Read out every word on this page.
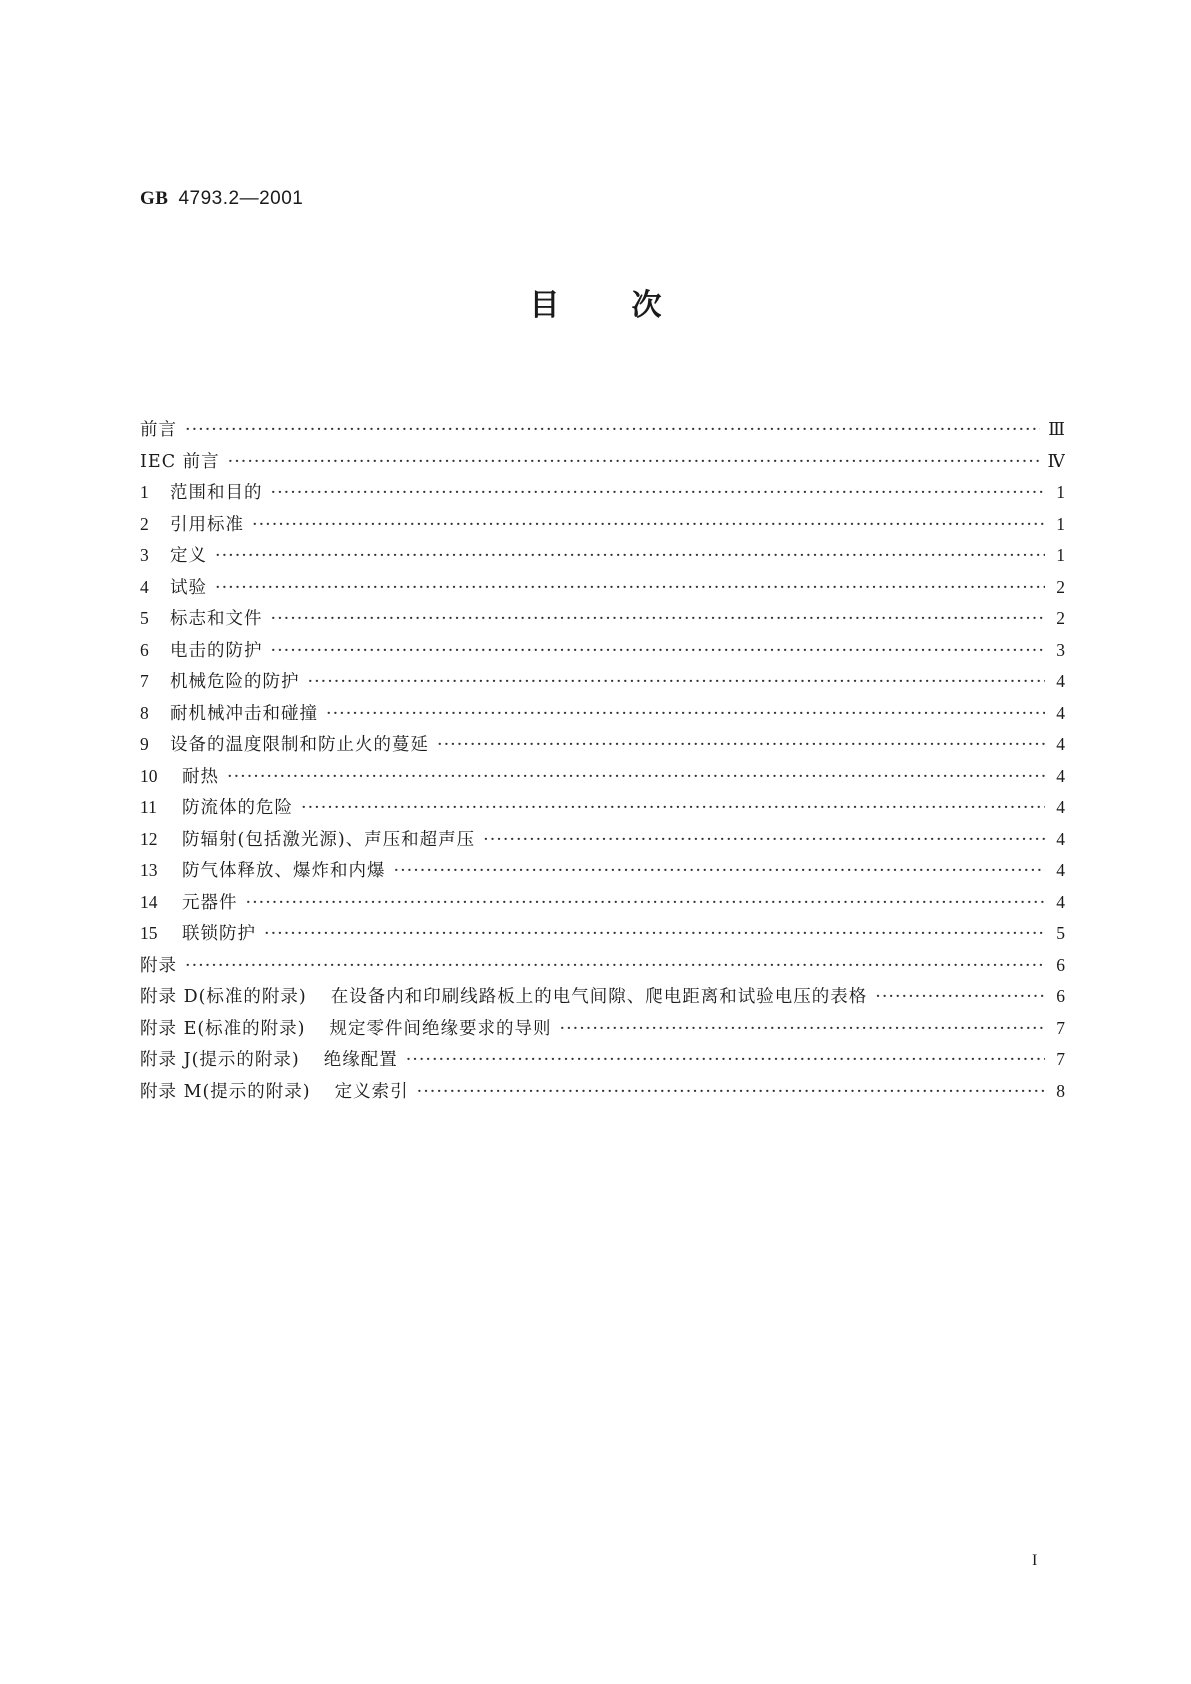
GB 4793.2—2001
目次
前言 ·····	Ⅲ
IEC 前言 ·····	Ⅳ
1	范围和目的 ·····	1
2	引用标准 ·····	1
3	定义 ·····	1
4	试验 ·····	2
5	标志和文件 ·····	2
6	电击的防护 ·····	3
7	机械危险的防护 ·····	4
8	耐机械冲击和碰撞 ·····	4
9	设备的温度限制和防止火的蔓延 ·····	4
10	耐热 ·····	4
11	防流体的危险 ·····	4
12	防辐射(包括激光源)、声压和超声压 ·····	4
13	防气体释放、爆炸和内爆 ·····	4
14	元器件 ·····	4
15	联锁防护 ·····	5
附录 ·····	6
附录 D(标准的附录) 在设备内和印刷线路板上的电气间隙、爬电距离和试验电压的表格 ·····	6
附录 E(标准的附录) 规定零件间绝缘要求的导则 ·····	7
附录 J(提示的附录) 绝缘配置 ·····	7
附录 M(提示的附录) 定义索引 ·····	8
I
